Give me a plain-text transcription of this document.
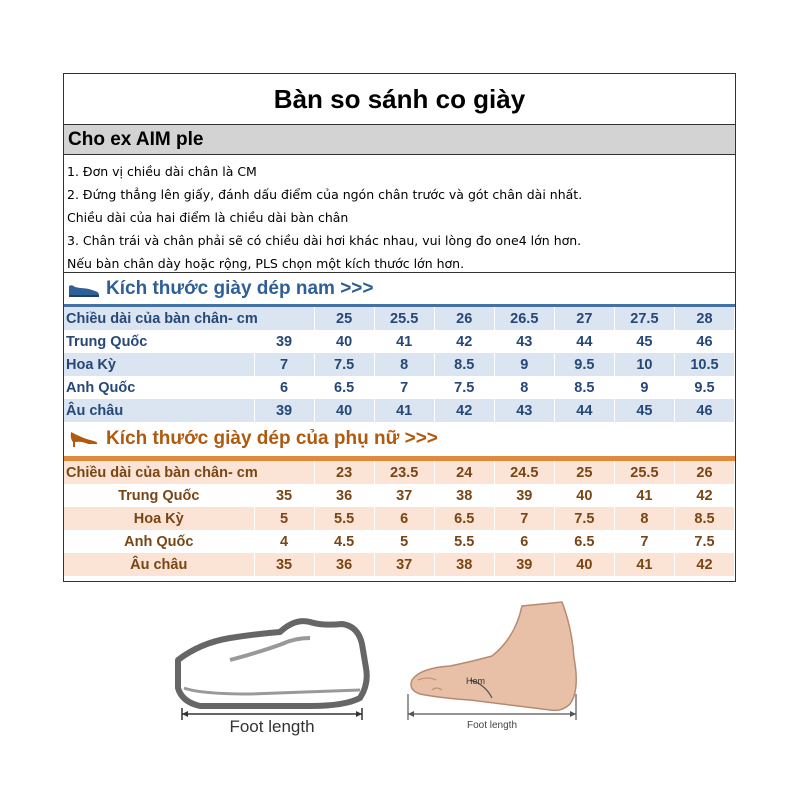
Bàn so sánh co giày
Cho ex AIM ple
1. Đơn vị chiều dài chân là CM
2. Đứng thẳng lên giấy, đánh dấu điểm của ngón chân trước và gót chân dài nhất.
Chiều dài của hai điểm là chiều dài bàn chân
3. Chân trái và chân phải sẽ có chiều dài hơi khác nhau, vui lòng đo one4 lớn hơn.
Nếu bàn chân dày hoặc rộng, PLS chọn một kích thước lớn hơn.
Kích thước giày dép nam >>>
Chiều dài của bàn chân- cm		25	25.5	26	26.5	27	27.5	28
Trung Quốc	39	40	41	42	43	44	45	46
Hoa Kỳ	7	7.5	8	8.5	9	9.5	10	10.5
Anh Quốc	6	6.5	7	7.5	8	8.5	9	9.5
Âu châu	39	40	41	42	43	44	45	46
Kích thước giày dép của phụ nữ >>>
Chiều dài của bàn chân- cm		23	23.5	24	24.5	25	25.5	26
Trung Quốc	35	36	37	38	39	40	41	42
Hoa Kỳ	5	5.5	6	6.5	7	7.5	8	8.5
Anh Quốc	4	4.5	5	5.5	6	6.5	7	7.5
Âu châu	35	36	37	38	39	40	41	42
Foot length
Hem
Foot length
